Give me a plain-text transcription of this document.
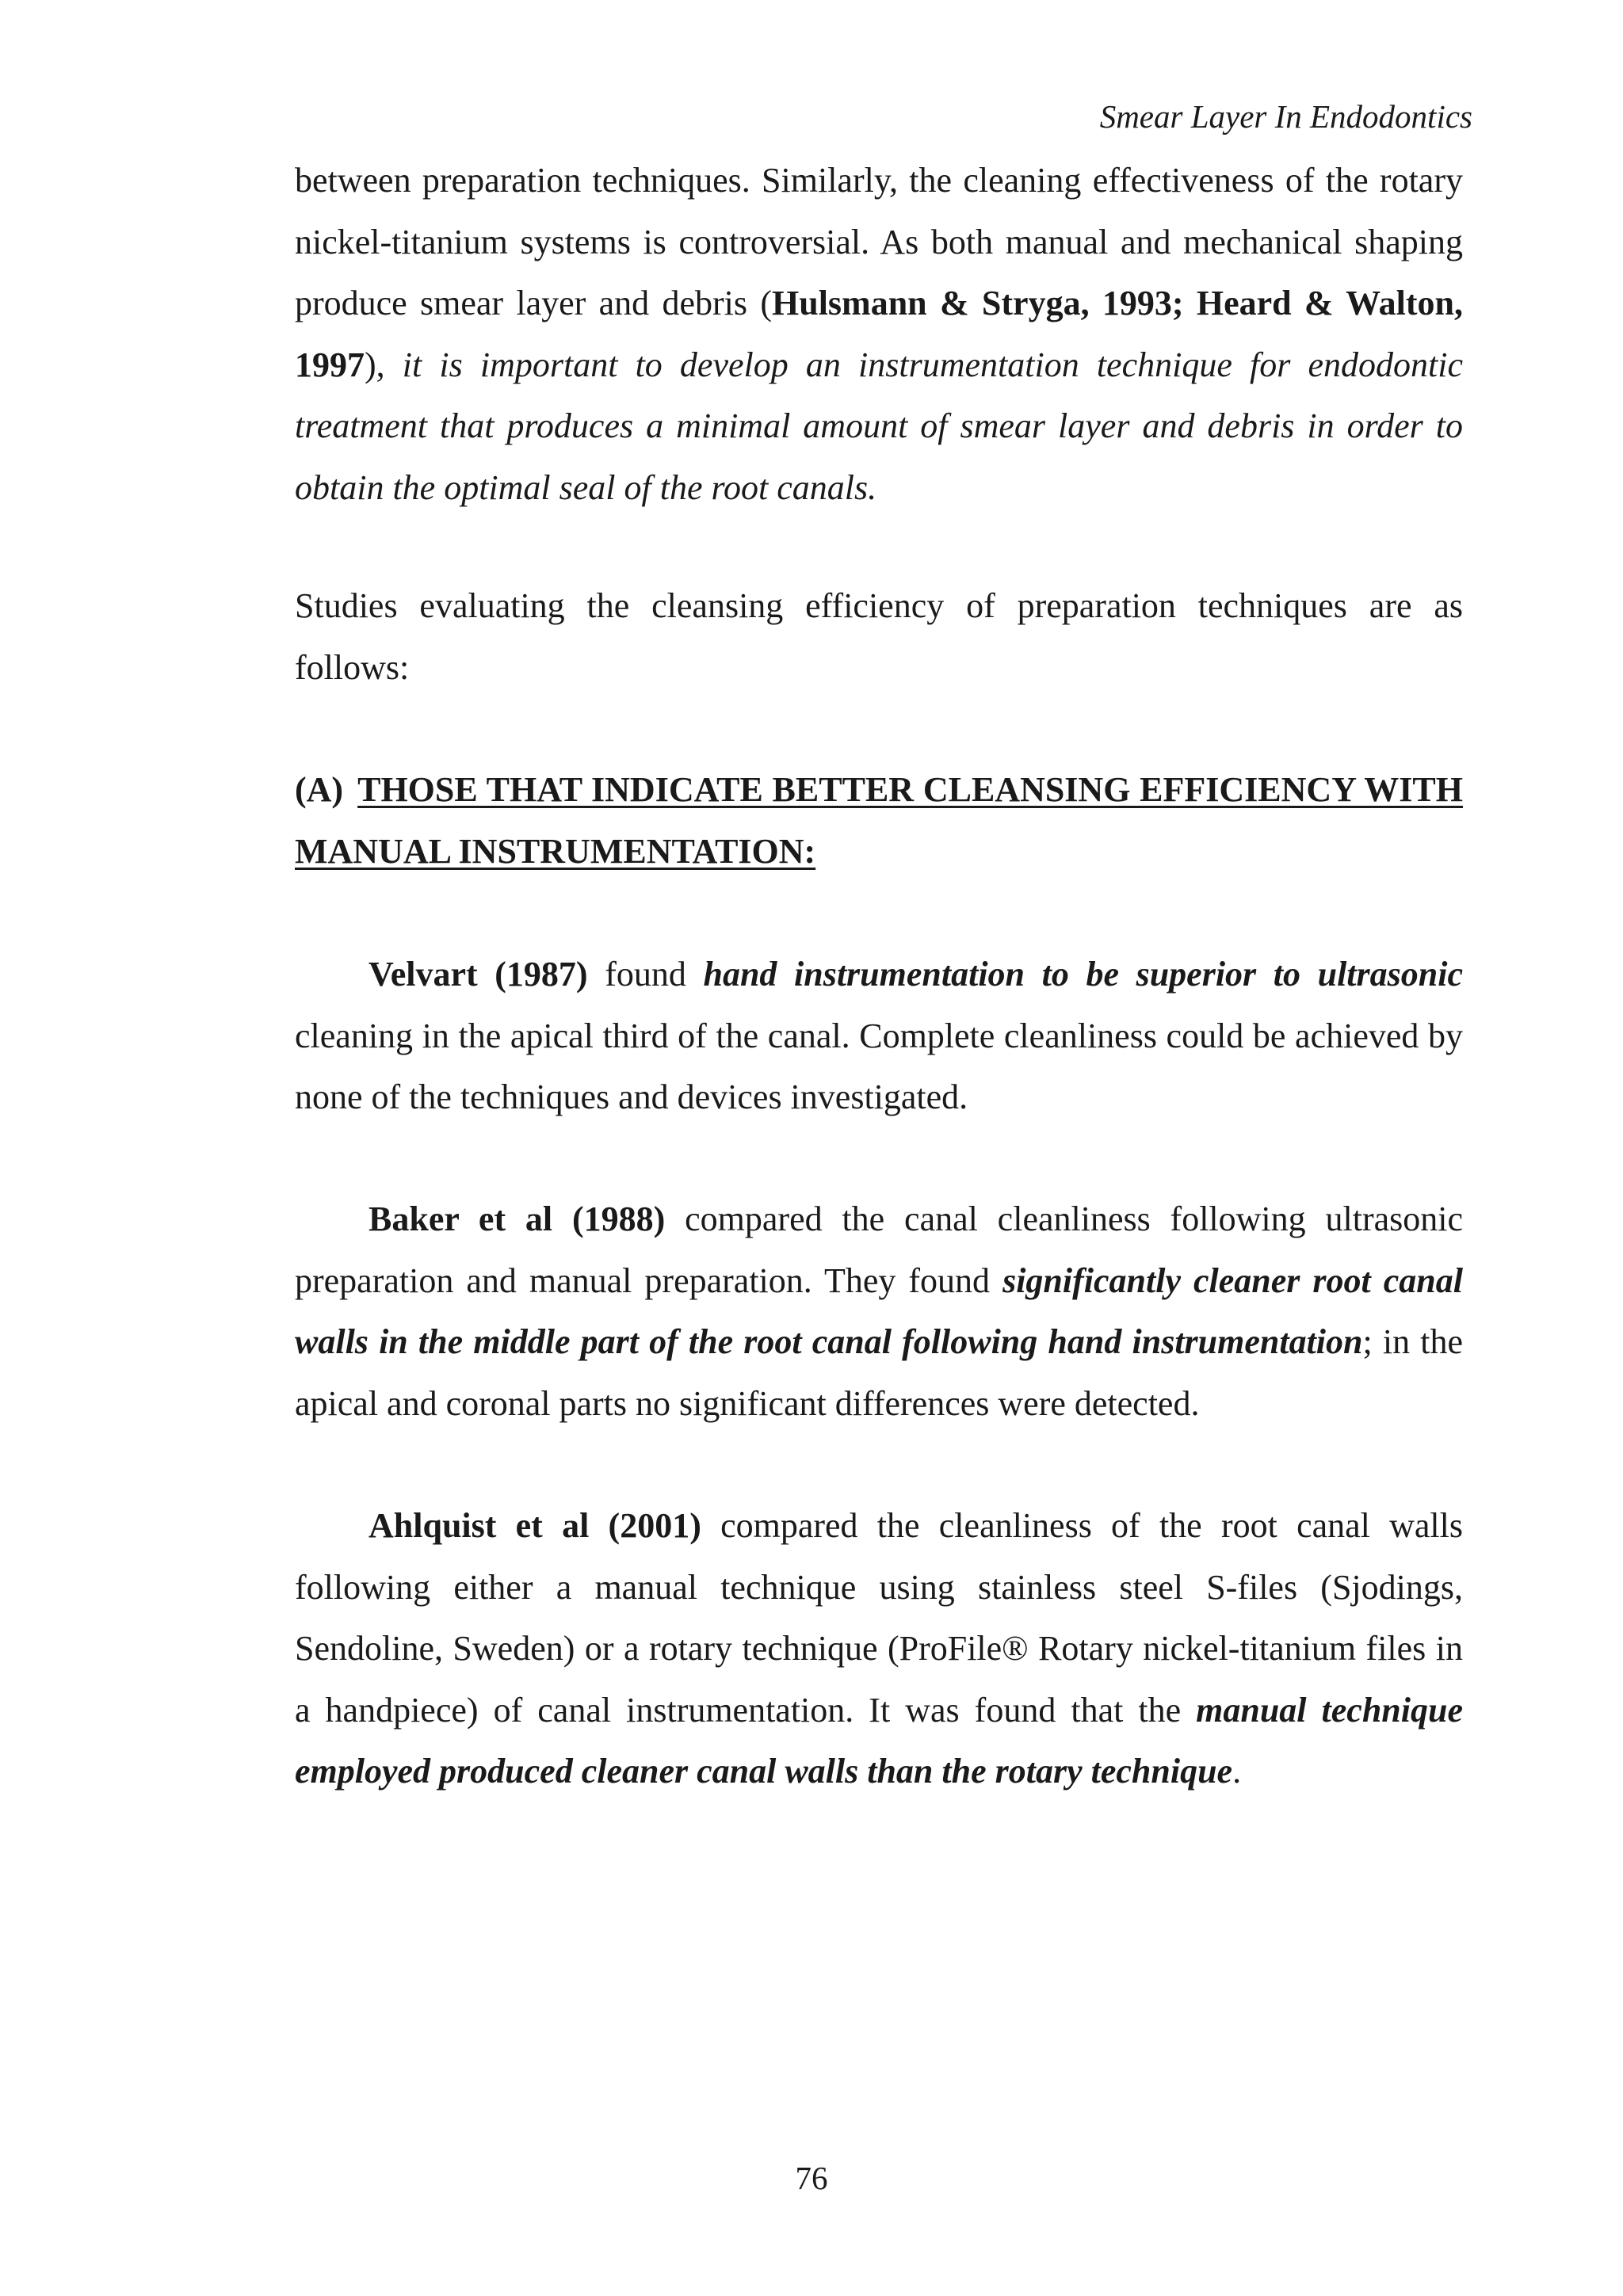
Smear Layer In Endodontics

between preparation techniques. Similarly, the cleaning effectiveness of the rotary nickel-titanium systems is controversial. As both manual and mechanical shaping produce smear layer and debris (Hulsmann & Stryga, 1993; Heard & Walton, 1997), it is important to develop an instrumentation technique for endodontic treatment that produces a minimal amount of smear layer and debris in order to obtain the optimal seal of the root canals.

Studies evaluating the cleansing efficiency of preparation techniques are as follows:

(A) THOSE THAT INDICATE BETTER CLEANSING EFFICIENCY WITH MANUAL INSTRUMENTATION:

Velvart (1987) found hand instrumentation to be superior to ultrasonic cleaning in the apical third of the canal. Complete cleanliness could be achieved by none of the techniques and devices investigated.

Baker et al (1988) compared the canal cleanliness following ultrasonic preparation and manual preparation. They found significantly cleaner root canal walls in the middle part of the root canal following hand instrumentation; in the apical and coronal parts no significant differences were detected.

Ahlquist et al (2001) compared the cleanliness of the root canal walls following either a manual technique using stainless steel S-files (Sjodings, Sendoline, Sweden) or a rotary technique (ProFile® Rotary nickel-titanium files in a handpiece) of canal instrumentation. It was found that the manual technique employed produced cleaner canal walls than the rotary technique.

76
